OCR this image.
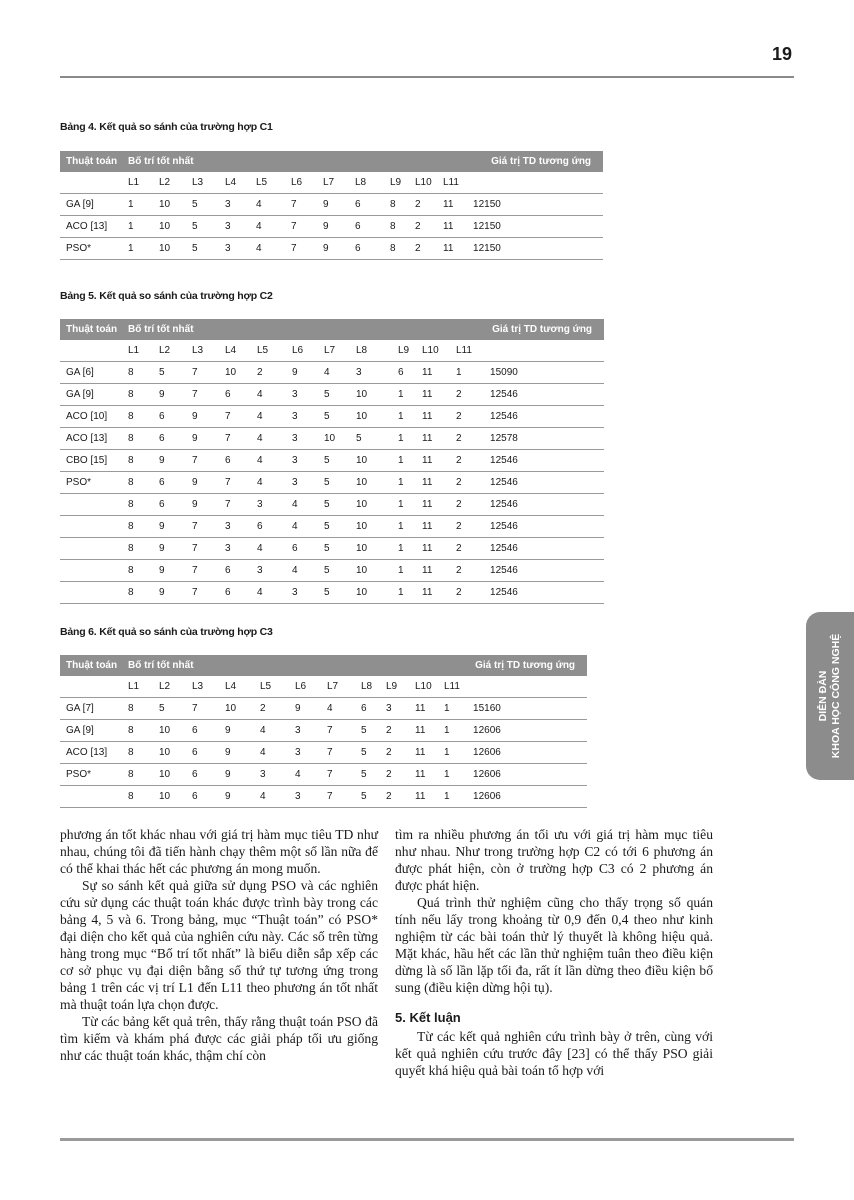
19
DIỄN ĐÀN KHOA HỌC CÔNG NGHỆ
Bảng 4. Kết quả so sánh của trường hợp C1
Thuật toán	Bố trí tốt nhất											Giá trị TD tương ứng
	L1	L2	L3	L4	L5	L6	L7	L8	L9	L10	L11	
GA [9]	1	10	5	3	4	7	9	6	8	2	11	12150
ACO [13]	1	10	5	3	4	7	9	6	8	2	11	12150
PSO*	1	10	5	3	4	7	9	6	8	2	11	12150
Bảng 5. Kết quả so sánh của trường hợp C2
Thuật toán	Bố trí tốt nhất											Giá trị TD tương ứng
	L1	L2	L3	L4	L5	L6	L7	L8	L9	L10	L11	
GA [6]	8	5	7	10	2	9	4	3	6	11	1	15090
GA [9]	8	9	7	6	4	3	5	10	1	11	2	12546
ACO [10]	8	6	9	7	4	3	5	10	1	11	2	12546
ACO [13]	8	6	9	7	4	3	10	5	1	11	2	12578
CBO [15]	8	9	7	6	4	3	5	10	1	11	2	12546
PSO*	8	6	9	7	4	3	5	10	1	11	2	12546
	8	6	9	7	3	4	5	10	1	11	2	12546
	8	9	7	3	6	4	5	10	1	11	2	12546
	8	9	7	3	4	6	5	10	1	11	2	12546
	8	9	7	6	3	4	5	10	1	11	2	12546
	8	9	7	6	4	3	5	10	1	11	2	12546
Bảng 6. Kết quả so sánh của trường hợp C3
Thuật toán	Bố trí tốt nhất											Giá trị TD tương ứng
	L1	L2	L3	L4	L5	L6	L7	L8	L9	L10	L11	
GA [7]	8	5	7	10	2	9	4	6	3	11	1	15160
GA [9]	8	10	6	9	4	3	7	5	2	11	1	12606
ACO [13]	8	10	6	9	4	3	7	5	2	11	1	12606
PSO*	8	10	6	9	3	4	7	5	2	11	1	12606
	8	10	6	9	4	3	7	5	2	11	1	12606

phương án tốt khác nhau với giá trị hàm mục tiêu TD như nhau, chúng tôi đã tiến hành chạy thêm một số lần nữa để có thể khai thác hết các phương án mong muốn.

Sự so sánh kết quả giữa sử dụng PSO và các nghiên cứu sử dụng các thuật toán khác được trình bày trong các bảng 4, 5 và 6. Trong bảng, mục “Thuật toán” có PSO* đại diện cho kết quả của nghiên cứu này. Các số trên từng hàng trong mục “Bố trí tốt nhất” là biểu diễn sắp xếp các cơ sở phục vụ đại diện bằng số thứ tự tương ứng trong bảng 1 trên các vị trí L1 đến L11 theo phương án tốt nhất mà thuật toán lựa chọn được.

Từ các bảng kết quả trên, thấy rằng thuật toán PSO đã tìm kiếm và khám phá được các giải pháp tối ưu giống như các thuật toán khác, thậm chí còn

tìm ra nhiều phương án tối ưu với giá trị hàm mục tiêu như nhau. Như trong trường hợp C2 có tới 6 phương án được phát hiện, còn ở trường hợp C3 có 2 phương án được phát hiện.

Quá trình thử nghiệm cũng cho thấy trọng số quán tính nếu lấy trong khoảng từ 0,9 đến 0,4 theo như kinh nghiệm từ các bài toán thử lý thuyết là không hiệu quả. Mặt khác, hầu hết các lần thử nghiệm tuân theo điều kiện dừng là số lần lặp tối đa, rất ít lần dừng theo điều kiện bổ sung (điều kiện dừng hội tụ).

5. Kết luận

Từ các kết quả nghiên cứu trình bày ở trên, cùng với kết quả nghiên cứu trước đây [23] có thể thấy PSO giải quyết khá hiệu quả bài toán tổ hợp với
